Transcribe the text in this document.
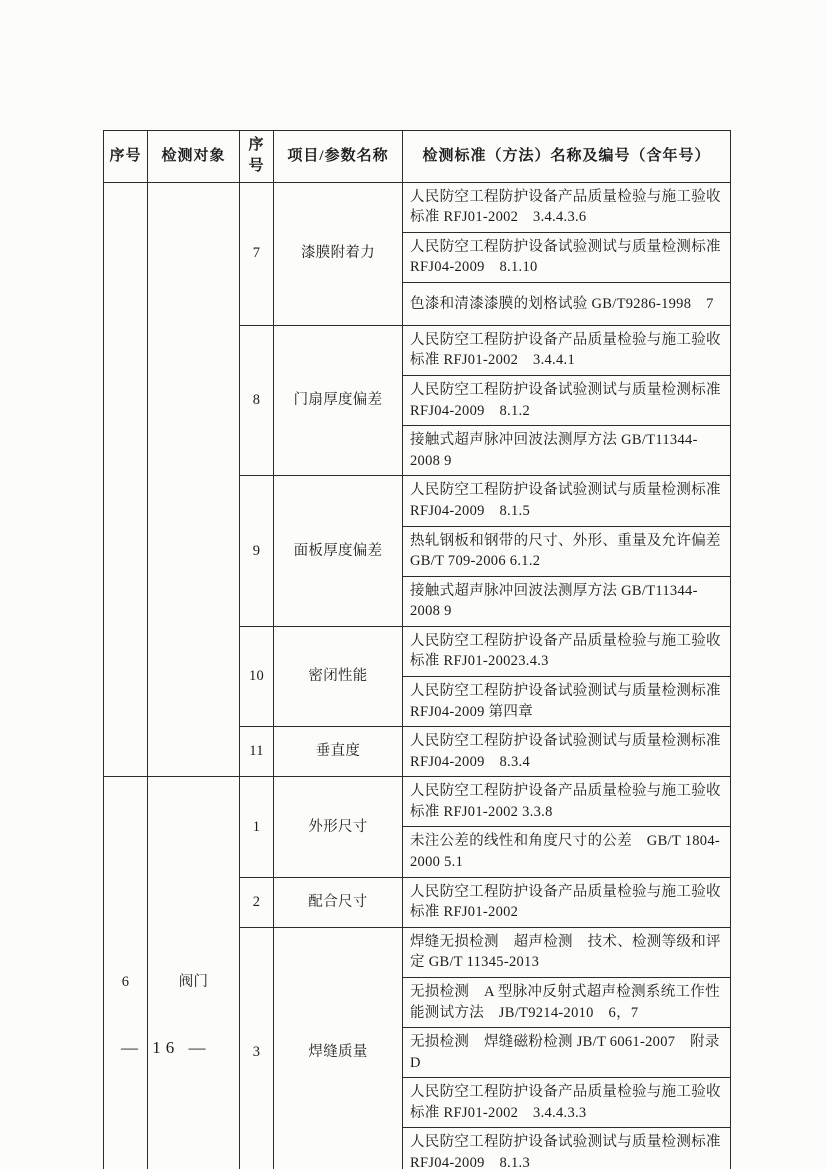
序号	检测对象	序号	项目/参数名称	检测标准（方法）名称及编号（含年号）
		7	漆膜附着力	人民防空工程防护设备产品质量检验与施工验收标准 RFJ01-2002　3.4.4.3.6
				人民防空工程防护设备试验测试与质量检测标准 RFJ04-2009　8.1.10
				色漆和清漆漆膜的划格试验 GB/T9286-1998　7
		8	门扇厚度偏差	人民防空工程防护设备产品质量检验与施工验收标准 RFJ01-2002　3.4.4.1
				人民防空工程防护设备试验测试与质量检测标准 RFJ04-2009　8.1.2
				接触式超声脉冲回波法测厚方法 GB/T11344-2008 9
		9	面板厚度偏差	人民防空工程防护设备试验测试与质量检测标准 RFJ04-2009　8.1.5
				热轧钢板和钢带的尺寸、外形、重量及允许偏差 GB/T 709-2006 6.1.2
				接触式超声脉冲回波法测厚方法 GB/T11344-2008 9
		10	密闭性能	人民防空工程防护设备产品质量检验与施工验收标准 RFJ01-20023.4.3
				人民防空工程防护设备试验测试与质量检测标准 RFJ04-2009 第四章
		11	垂直度	人民防空工程防护设备试验测试与质量检测标准 RFJ04-2009　8.3.4
6	阀门	1	外形尺寸	人民防空工程防护设备产品质量检验与施工验收标准 RFJ01-2002 3.3.8
				未注公差的线性和角度尺寸的公差　GB/T 1804-2000 5.1
		2	配合尺寸	人民防空工程防护设备产品质量检验与施工验收标准 RFJ01-2002
		3	焊缝质量	焊缝无损检测　超声检测　技术、检测等级和评定 GB/T 11345-2013
				无损检测　A 型脉冲反射式超声检测系统工作性能测试方法　JB/T9214-2010　6，7
				无损检测　焊缝磁粉检测 JB/T 6061-2007　附录 D
				人民防空工程防护设备产品质量检验与施工验收标准 RFJ01-2002　3.4.4.3.3
				人民防空工程防护设备试验测试与质量检测标准 RFJ04-2009　8.1.3
— 16 —
